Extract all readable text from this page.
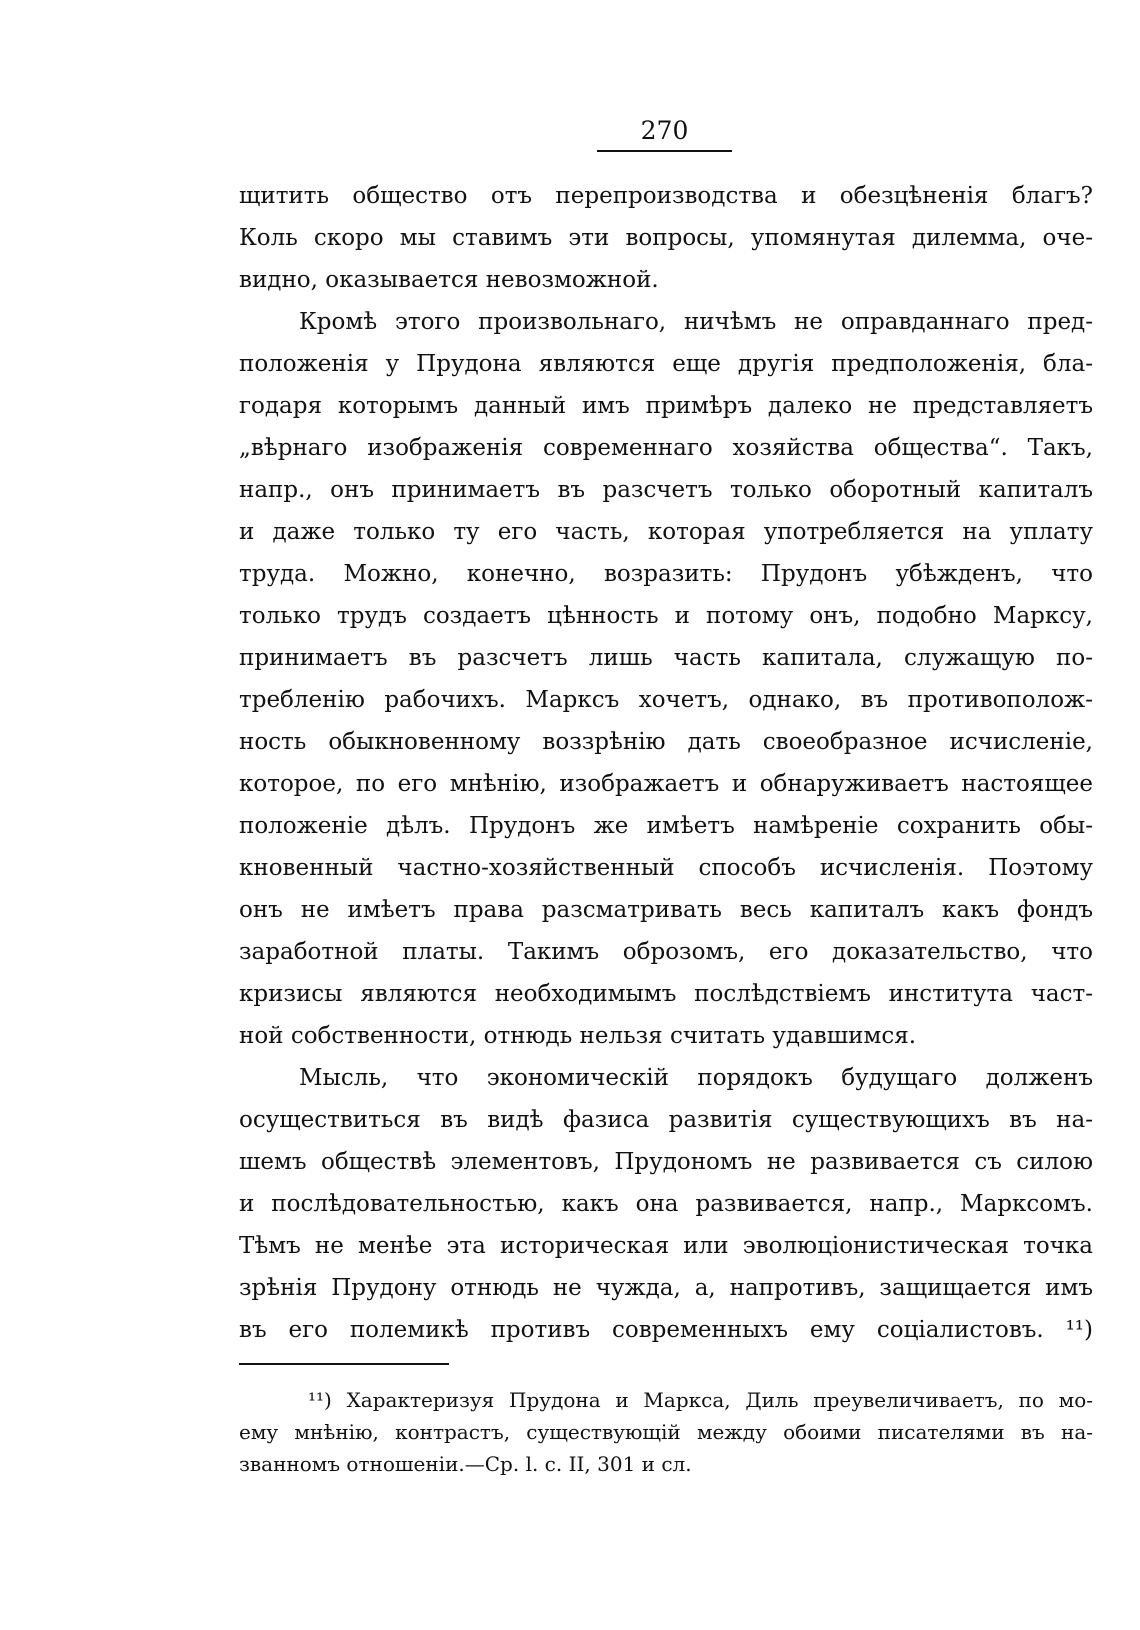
270
щитить общество отъ перепроизводства и обезцѣненія благъ?
Коль скоро мы ставимъ эти вопросы, упомянутая дилемма, оче-
видно, оказывается невозможной.
Кромѣ этого произвольнаго, ничѣмъ не оправданнаго пред-
положенія у Прудона являются еще другія предположенія, бла-
годаря которымъ данный имъ примѣръ далеко не представляетъ
„вѣрнаго изображенія современнаго хозяйства общества“. Такъ,
напр., онъ принимаетъ въ разсчетъ только оборотный капиталъ
и даже только ту его часть, которая употребляется на уплату
труда. Можно, конечно, возразить: Прудонъ убѣжденъ, что
только трудъ создаетъ цѣнность и потому онъ, подобно Марксу,
принимаетъ въ разсчетъ лишь часть капитала, служащую по-
требленію рабочихъ. Марксъ хочетъ, однако, въ противополож-
ность обыкновенному воззрѣнію дать своеобразное исчисленіе,
которое, по его мнѣнію, изображаетъ и обнаруживаетъ настоящее
положеніе дѣлъ. Прудонъ же имѣетъ намѣреніе сохранить обы-
кновенный частно-хозяйственный способъ исчисленія. Поэтому
онъ не имѣетъ права разсматривать весь капиталъ какъ фондъ
заработной платы. Такимъ оброзомъ, его доказательство, что
кризисы являются необходимымъ послѣдствіемъ института част-
ной собственности, отнюдь нельзя считать удавшимся.
Мысль, что экономическій порядокъ будущаго долженъ
осуществиться въ видѣ фазиса развитія существующихъ въ на-
шемъ обществѣ элементовъ, Прудономъ не развивается съ силою
и послѣдовательностью, какъ она развивается, напр., Марксомъ.
Тѣмъ не менѣе эта историческая или эволюціонистическая точка
зрѣнія Прудону отнюдь не чужда, а, напротивъ, защищается имъ
въ его полемикѣ противъ современныхъ ему соціалистовъ. ¹¹)
¹¹) Характеризуя Прудона и Маркса, Диль преувеличиваетъ, по мо-
ему мнѣнію, контрастъ, существующій между обоими писателями въ на-
званномъ отношеніи.—Ср. l. c. II, 301 и сл.
